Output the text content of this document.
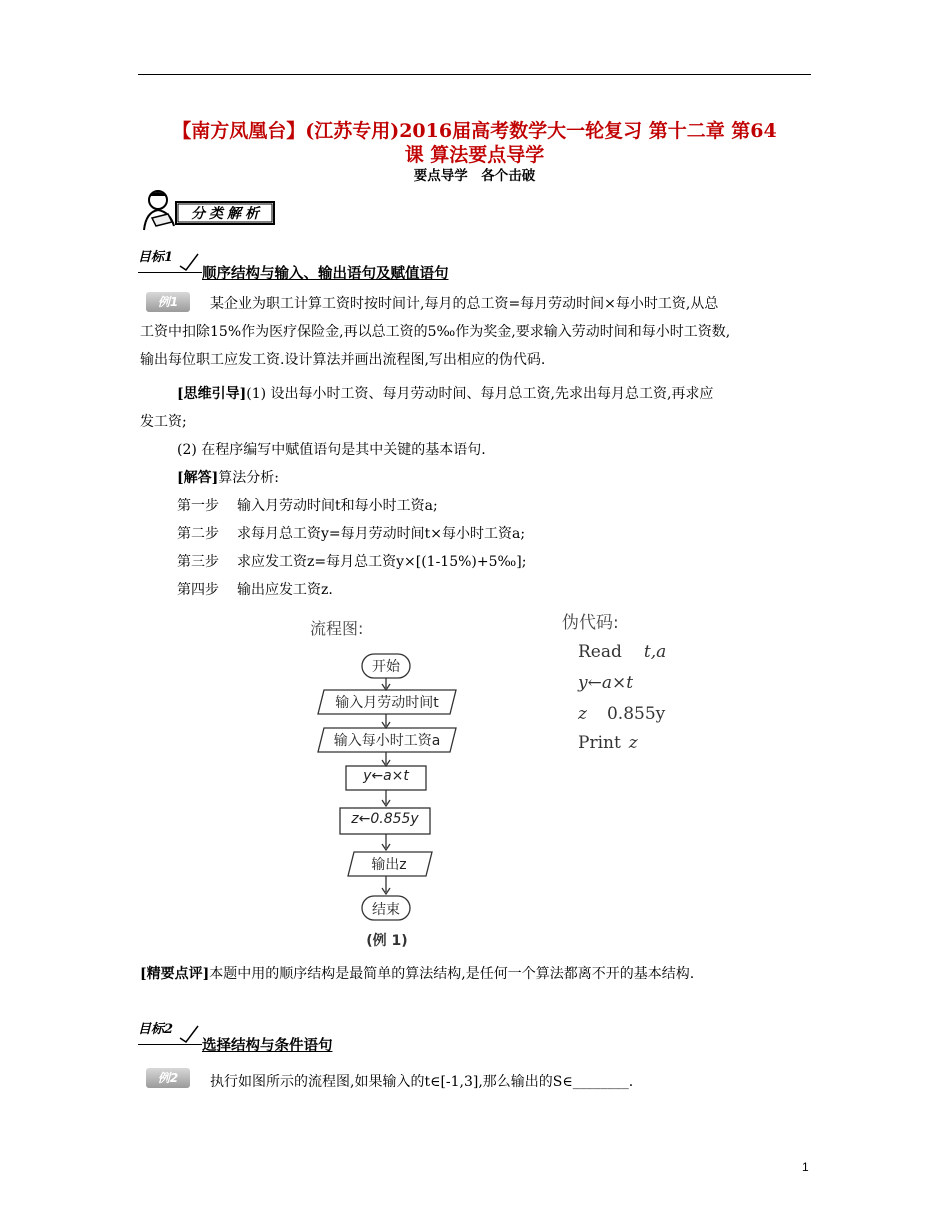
【南方凤凰台】(江苏专用)2016届高考数学大一轮复习 第十二章 第64
课 算法要点导学
要点导学　各个击破
分类解析
目标1
顺序结构与输入、输出语句及赋值语句
例1	某企业为职工计算工资时按时间计,每月的总工资=每月劳动时间×每小时工资,从总
工资中扣除15%作为医疗保险金,再以总工资的5‰作为奖金,要求输入劳动时间和每小时工资数,
输出每位职工应发工资.设计算法并画出流程图,写出相应的伪代码.
[思维引导](1) 设出每小时工资、每月劳动时间、每月总工资,先求出每月总工资,再求应
发工资;
(2) 在程序编写中赋值语句是其中关键的基本语句.
[解答]算法分析:
第一步 输入月劳动时间t和每小时工资a;
第二步 求每月总工资y=每月劳动时间t×每小时工资a;
第三步 求应发工资z=每月总工资y×[(1-15%)+5‰];
第四步 输出应发工资z.
流程图:
开始
输入月劳动时间t
输入每小时工资a
y←a×t
z←0.855y
输出z
结束
(例 1)
伪代码:
Read t,a
y←a×t
z 0.855y
Print z
[精要点评]本题中用的顺序结构是最简单的算法结构,是任何一个算法都离不开的基本结构.
目标2
选择结构与条件语句
例2	执行如图所示的流程图,如果输入的t∈[-1,3],那么输出的S∈________.
1
